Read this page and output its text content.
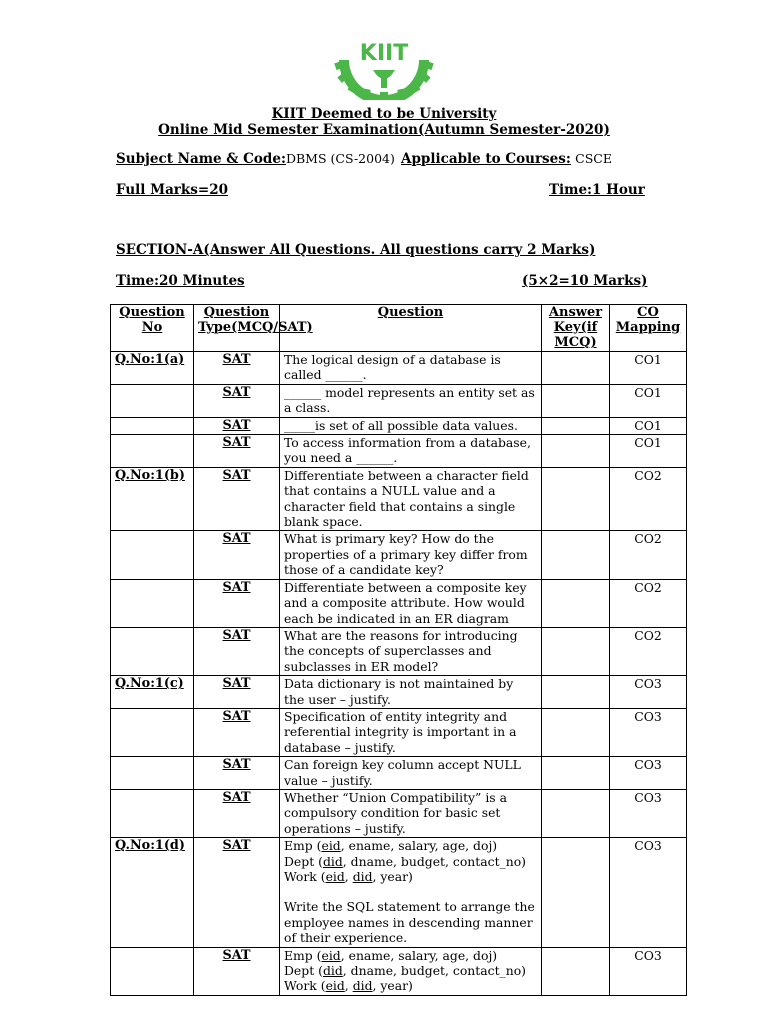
KIIT
KIIT Deemed to be University
Online Mid Semester Examination(Autumn Semester-2020)
Subject Name & Code:DBMS (CS-2004) Applicable to Courses: CSCE
Full Marks=20	Time:1 Hour
SECTION-A(Answer All Questions. All questions carry 2 Marks)
Time:20 Minutes	(5×2=10 Marks)
Question No	Question Type(MCQ/SAT)	Question	Answer Key(if MCQ)	CO Mapping
Q.No:1(a)	SAT	The logical design of a database is called ______.		CO1
	SAT	______ model represents an entity set as a class.		CO1
	SAT	_____is set of all possible data values.		CO1
	SAT	To access information from a database, you need a ______.		CO1
Q.No:1(b)	SAT	Differentiate between a character field that contains a NULL value and a character field that contains a single blank space.		CO2
	SAT	What is primary key? How do the properties of a primary key differ from those of a candidate key?		CO2
	SAT	Differentiate between a composite key and a composite attribute. How would each be indicated in an ER diagram		CO2
	SAT	What are the reasons for introducing the concepts of superclasses and subclasses in ER model?		CO2
Q.No:1(c)	SAT	Data dictionary is not maintained by the user – justify.		CO3
	SAT	Specification of entity integrity and referential integrity is important in a database – justify.		CO3
	SAT	Can foreign key column accept NULL value – justify.		CO3
	SAT	Whether “Union Compatibility” is a compulsory condition for basic set operations – justify.		CO3
Q.No:1(d)	SAT	Emp (eid, ename, salary, age, doj)
Dept (did, dname, budget, contact_no)
Work (eid, did, year)
Write the SQL statement to arrange the employee names in descending manner of their experience.		CO3
	SAT	Emp (eid, ename, salary, age, doj)
Dept (did, dname, budget, contact_no)
Work (eid, did, year)		CO3
